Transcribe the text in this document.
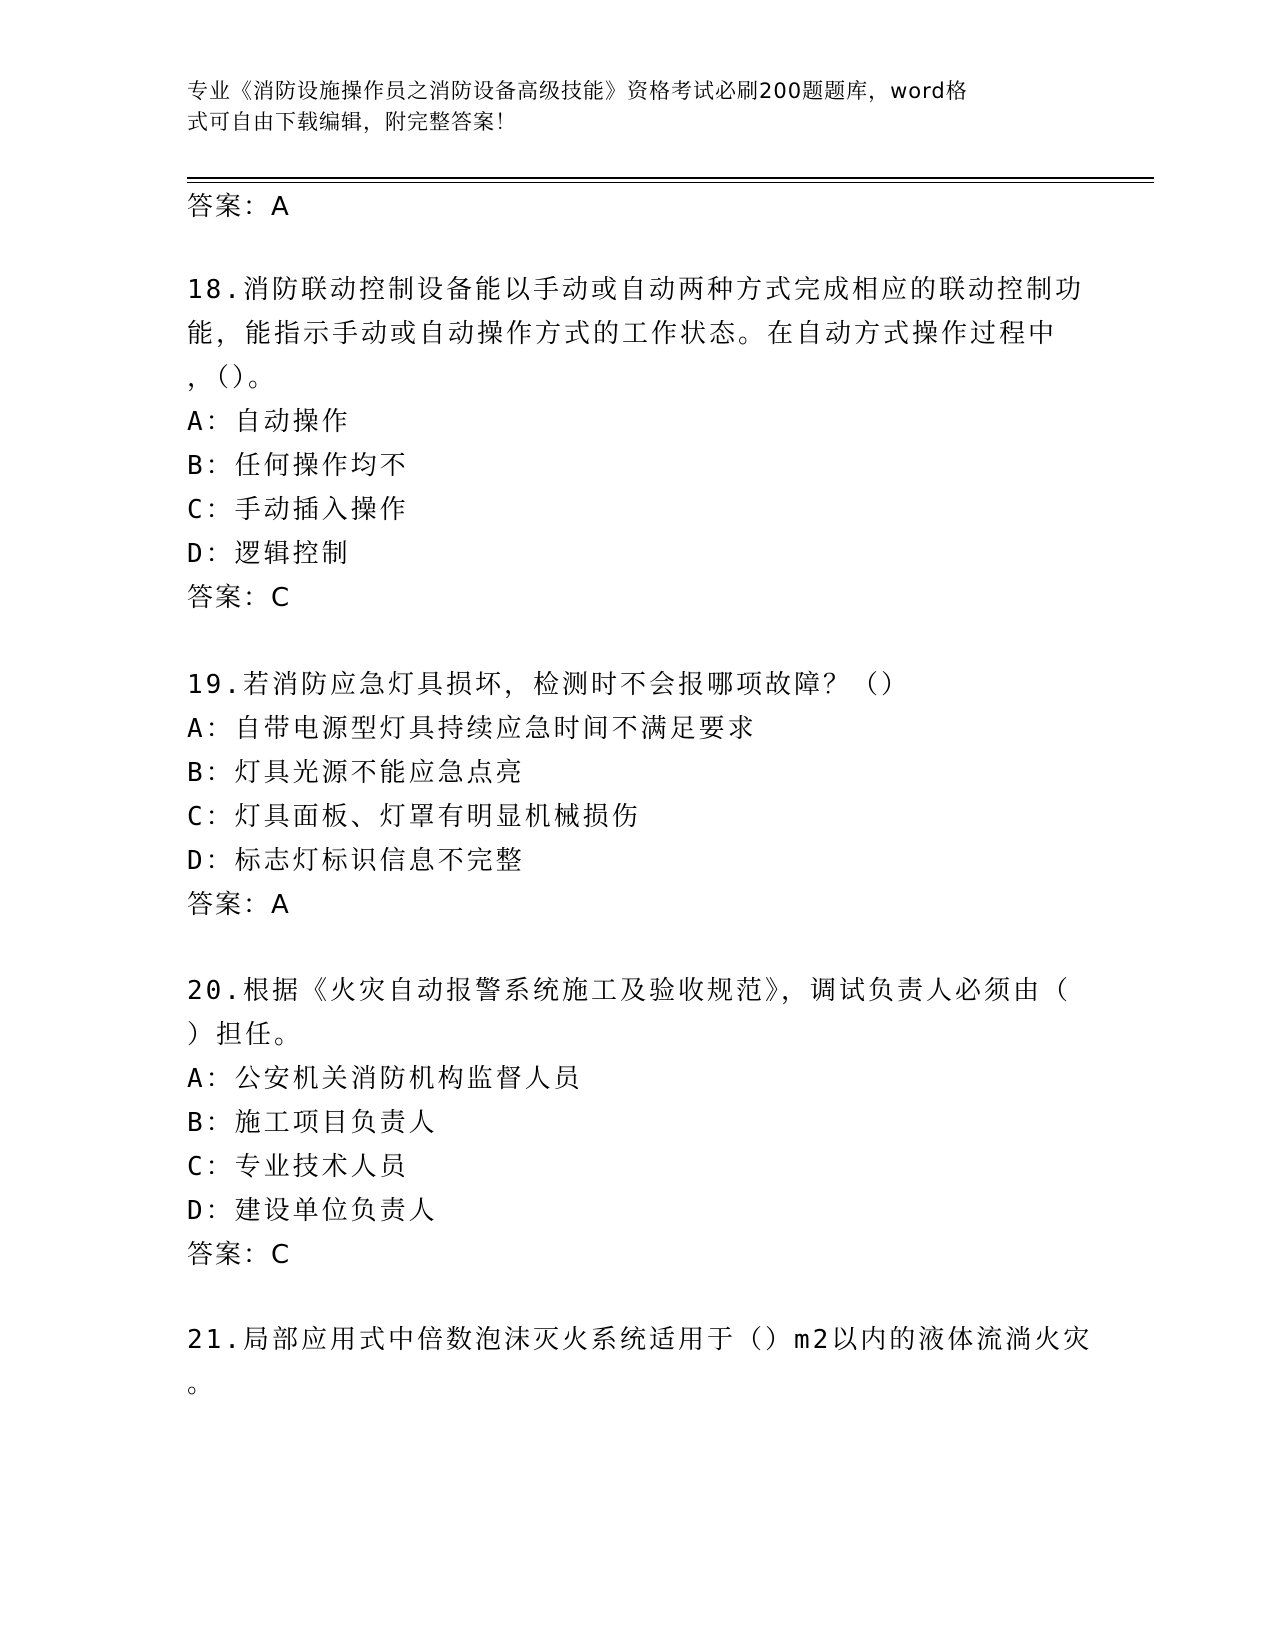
专业《消防设施操作员之消防设备高级技能》资格考试必刷200题题库，word格
式可自由下载编辑，附完整答案！
答案：A
18.消防联动控制设备能以手动或自动两种方式完成相应的联动控制功
能，能指示手动或自动操作方式的工作状态。在自动方式操作过程中
，（）。
A：自动操作
B：任何操作均不
C：手动插入操作
D：逻辑控制
答案：C
19.若消防应急灯具损坏，检测时不会报哪项故障？（）
A：自带电源型灯具持续应急时间不满足要求
B：灯具光源不能应急点亮
C：灯具面板、灯罩有明显机械损伤
D：标志灯标识信息不完整
答案：A
20.根据《火灾自动报警系统施工及验收规范》，调试负责人必须由（
）担任。
A：公安机关消防机构监督人员
B：施工项目负责人
C：专业技术人员
D：建设单位负责人
答案：C
21.局部应用式中倍数泡沫灭火系统适用于（）m2以内的液体流淌火灾
。
